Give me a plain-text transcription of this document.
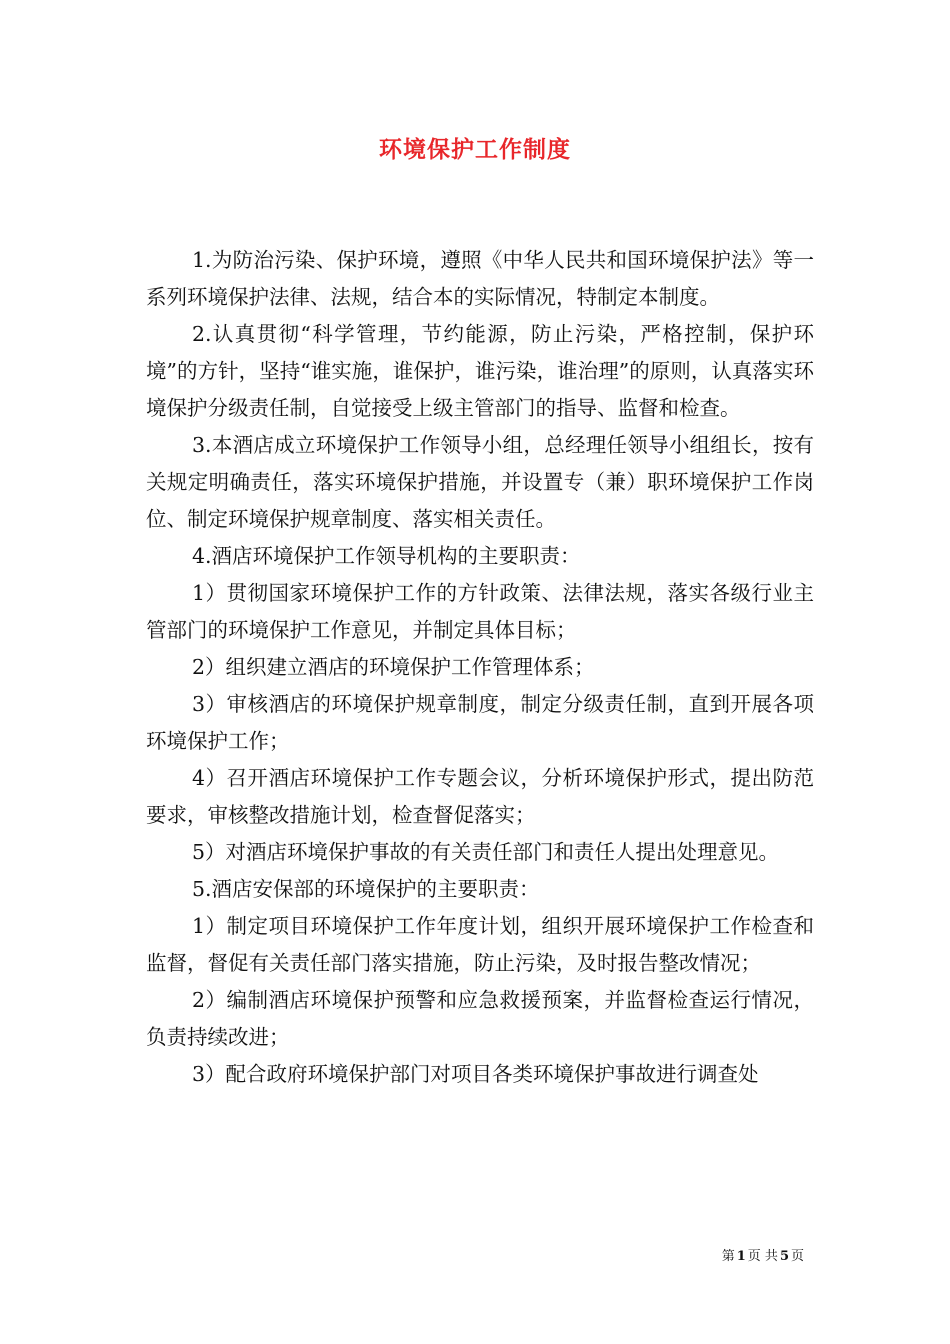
环境保护工作制度

1.为防治污染、保护环境，遵照《中华人民共和国环境保护法》等一系列环境保护法律、法规，结合本的实际情况，特制定本制度。

2.认真贯彻“科学管理，节约能源，防止污染，严格控制，保护环境”的方针，坚持“谁实施，谁保护，谁污染，谁治理”的原则，认真落实环境保护分级责任制，自觉接受上级主管部门的指导、监督和检查。

3.本酒店成立环境保护工作领导小组，总经理任领导小组组长，按有关规定明确责任，落实环境保护措施，并设置专（兼）职环境保护工作岗位、制定环境保护规章制度、落实相关责任。

4.酒店环境保护工作领导机构的主要职责：

1）贯彻国家环境保护工作的方针政策、法律法规，落实各级行业主管部门的环境保护工作意见，并制定具体目标；

2）组织建立酒店的环境保护工作管理体系；

3）审核酒店的环境保护规章制度，制定分级责任制，直到开展各项环境保护工作；

4）召开酒店环境保护工作专题会议，分析环境保护形式，提出防范要求，审核整改措施计划，检查督促落实；

5）对酒店环境保护事故的有关责任部门和责任人提出处理意见。

5.酒店安保部的环境保护的主要职责：

1）制定项目环境保护工作年度计划，组织开展环境保护工作检查和监督，督促有关责任部门落实措施，防止污染，及时报告整改情况；

2）编制酒店环境保护预警和应急救援预案，并监督检查运行情况，负责持续改进；

3）配合政府环境保护部门对项目各类环境保护事故进行调查处

第 1 页 共 5 页
